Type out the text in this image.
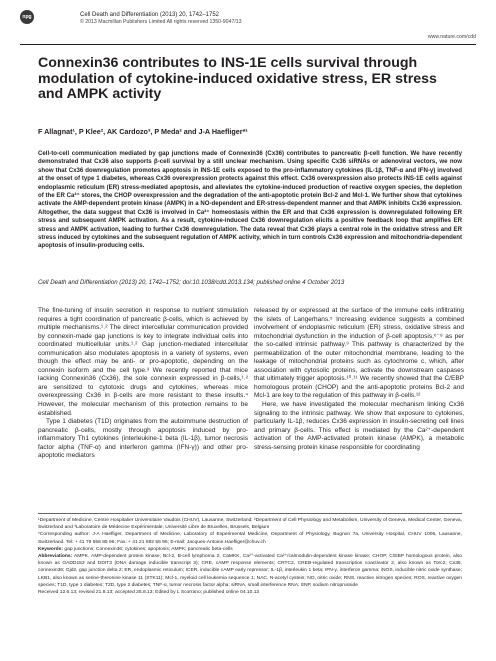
npg	Cell Death and Differentiation (2013) 20, 1742–1752
© 2013 Macmillan Publishers Limited All rights reserved 1350-9047/13
www.nature.com/cdd
Connexin36 contributes to INS-1E cells survival through modulation of cytokine-induced oxidative stress, ER stress and AMPK activity

F Allagnat¹, P Klee², AK Cardozo³, P Meda² and J-A Haefliger*¹

Cell-to-cell communication mediated by gap junctions made of Connexin36 (Cx36) contributes to pancreatic β-cell function. We have recently demonstrated that Cx36 also supports β-cell survival by a still unclear mechanism. Using specific Cx36 siRNAs or adenoviral vectors, we now show that Cx36 downregulation promotes apoptosis in INS-1E cells exposed to the pro-inflammatory cytokines (IL-1β, TNF-α and IFN-γ) involved at the onset of type 1 diabetes, whereas Cx36 overexpression protects against this effect. Cx36 overexpression also protects INS-1E cells against endoplasmic reticulum (ER) stress-mediated apoptosis, and alleviates the cytokine-induced production of reactive oxygen species, the depletion of the ER Ca²⁺ stores, the CHOP overexpression and the degradation of the anti-apoptotic protein Bcl-2 and Mcl-1. We further show that cytokines activate the AMP-dependent protein kinase (AMPK) in a NO-dependent and ER-stress-dependent manner and that AMPK inhibits Cx36 expression. Altogether, the data suggest that Cx36 is involved in Ca²⁺ homeostasis within the ER and that Cx36 expression is downregulated following ER stress and subsequent AMPK activation. As a result, cytokine-induced Cx36 downregulation elicits a positive feedback loop that amplifies ER stress and AMPK activation, leading to further Cx36 downregulation. The data reveal that Cx36 plays a central role in the oxidative stress and ER stress induced by cytokines and the subsequent regulation of AMPK activity, which in turn controls Cx36 expression and mitochondria-dependent apoptosis of insulin-producing cells.

Cell Death and Differentiation (2013) 20, 1742–1752; doi:10.1038/cdd.2013.134; published online 4 October 2013

The fine-tuning of insulin secretion in response to nutrient stimulation requires a tight coordination of pancreatic β-cells, which is achieved by multiple mechanisms.¹˒² The direct intercellular communication provided by connexin-made gap junctions is key to integrate individual cells into coordinated multicellular units.¹˒² Gap junction-mediated intercellular communication also modulates apoptosis in a variety of systems, even though the effect may be anti- or pro-apoptotic, depending on the connexin isoform and the cell type.³ We recently reported that mice lacking Connexin36 (Cx36), the sole connexin expressed in β-cells,¹˒² are sensitized to cytotoxic drugs and cytokines, whereas mice overexpressing Cx36 in β-cells are more resistant to these insults.⁴ However, the molecular mechanism of this protection remains to be established.

Type 1 diabetes (T1D) originates from the autoimmune destruction of pancreatic β-cells, mostly through apoptosis induced by pro-inflammatory Th1 cytokines (interleukine-1 beta (IL-1β), tumor necrosis factor alpha (TNF-α) and interferon gamma (IFN-γ)) and other pro-apoptotic mediators

released by or expressed at the surface of the immune cells infiltrating the islets of Langerhans.⁵ Increasing evidence suggests a combined involvement of endoplasmic reticulum (ER) stress, oxidative stress and mitochondrial dysfunction in the induction of β-cell apoptosis,⁶⁻⁸ as per the so-called intrinsic pathway.⁹ This pathway is characterized by the permeabilization of the outer mitochondrial membrane, leading to the leakage of mitochondrial proteins such as cytochrome c, which, after association with cytosolic proteins, activate the downstream caspases that ultimately trigger apoptosis.¹⁰˒¹¹ We recently showed that the C/EBP homologous protein (CHOP) and the anti-apoptotic proteins Bcl-2 and Mcl-1 are key to the regulation of this pathway in β-cells.¹²

Here, we have investigated the molecular mechanism linking Cx36 signaling to the intrinsic pathway. We show that exposure to cytokines, particularly IL-1β, reduces Cx36 expression in insulin-secreting cell lines and primary β-cells. This effect is mediated by the Ca²⁺-dependent activation of the AMP-activated protein kinase (AMPK), a metabolic stress-sensing protein kinase responsible for coordinating

¹Department of Medicine, Centre Hospitalier Universitaire Vaudois (CHUV), Lausanne, Switzerland; ²Department of Cell Physiology and Metabolism, University of Geneva, Medical Center, Geneva, Switzerland and ³Laboratoire de Médecine Expérimentale, Université Libre de Bruxelles, Brussels, Belgium

*Corresponding author: J-A Haefliger, Department of Medicine, Laboratory of Experimental Medicine, Department of Physiology, Bugnon 7a, University Hospital, CHUV 1005, Lausanne, Switzerland. Tel: + 41 79 556 85 96; Fax: + 41 21 692 55 95; E-mail: Jacques-Antoine.Haefliger@chuv.ch

Keywords: gap junctions; Connexin36; cytokines; apoptosis; AMPK; pancreatic beta-cells

Abbreviations: AMPK, AMP-dependent protein kinase; Bcl-2, B-cell lymphoma 2; CaMKK, Ca²⁺-activated Ca²⁺/calmodulin-dependent kinase kinase; CHOP, C/EBP homologous protein, also known as GADD153 and DDIT3 (DNA damage inducible transcript 3); CRE, cAMP response elements; CRTC2, CREB-regulated transcription coactivator 2, also known as Torc2; Cx36, connexin36; Gjd2, gap junction delta 2; ER, endoplasmic reticulum; ICER, inducible cAMP early repressor; IL-1β, interleukin 1 beta; IFN-γ, interferon gamma; iNOS, inducible nitric oxide synthase; LKB1, also known as serine-threonine kinase 11 (STK11); Mcl-1, myeloid cell leukemia sequence 1; NAC, N-acetyl cystein; NO, nitric oxide; RNS, reactive nitrogen species; ROS, reactive oxygen species; T1D, type 1 diabetes; T2D, type 2 diabetes; TNF-α, tumor necrosis factor alpha; siRNA, small interference RNA; SNP, sodium nitroprusside

Received 12.6.13; revised 21.8.13; accepted 25.8.13; Edited by L Scorrano; published online 04.10.13
